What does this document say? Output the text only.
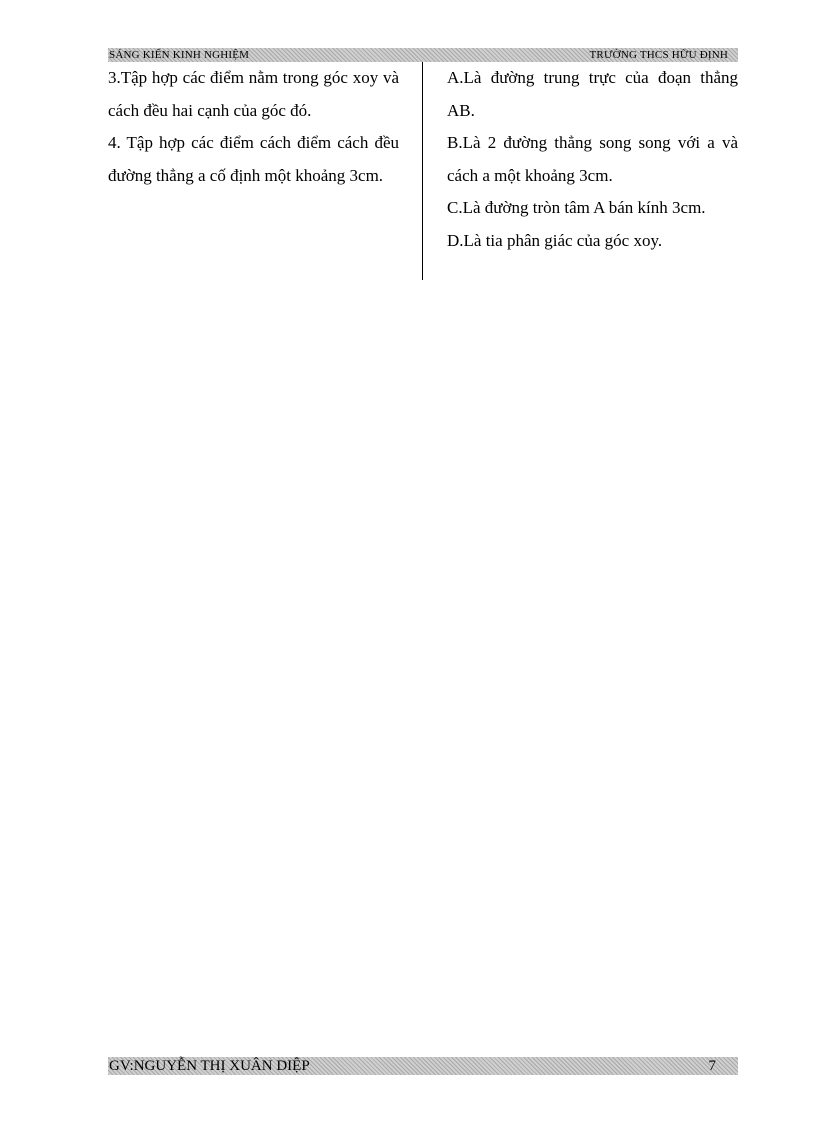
SÁNG KIẾN KINH NGHIỆM	TRƯỜNG THCS HỮU ĐỊNH

3.Tập hợp các điểm nằm trong góc xoy và cách đều hai cạnh của góc đó.

4. Tập hợp các điểm cách điểm cách đều đường thẳng a cố định một khoảng 3cm.

A.Là đường trung trực của đoạn thẳng AB.

B.Là 2 đường thẳng song song với a và cách a một khoảng 3cm.

C.Là đường tròn tâm A bán kính 3cm.

D.Là tia phân giác của góc xoy.

GV:NGUYỄN THỊ XUÂN DIỆP	7
